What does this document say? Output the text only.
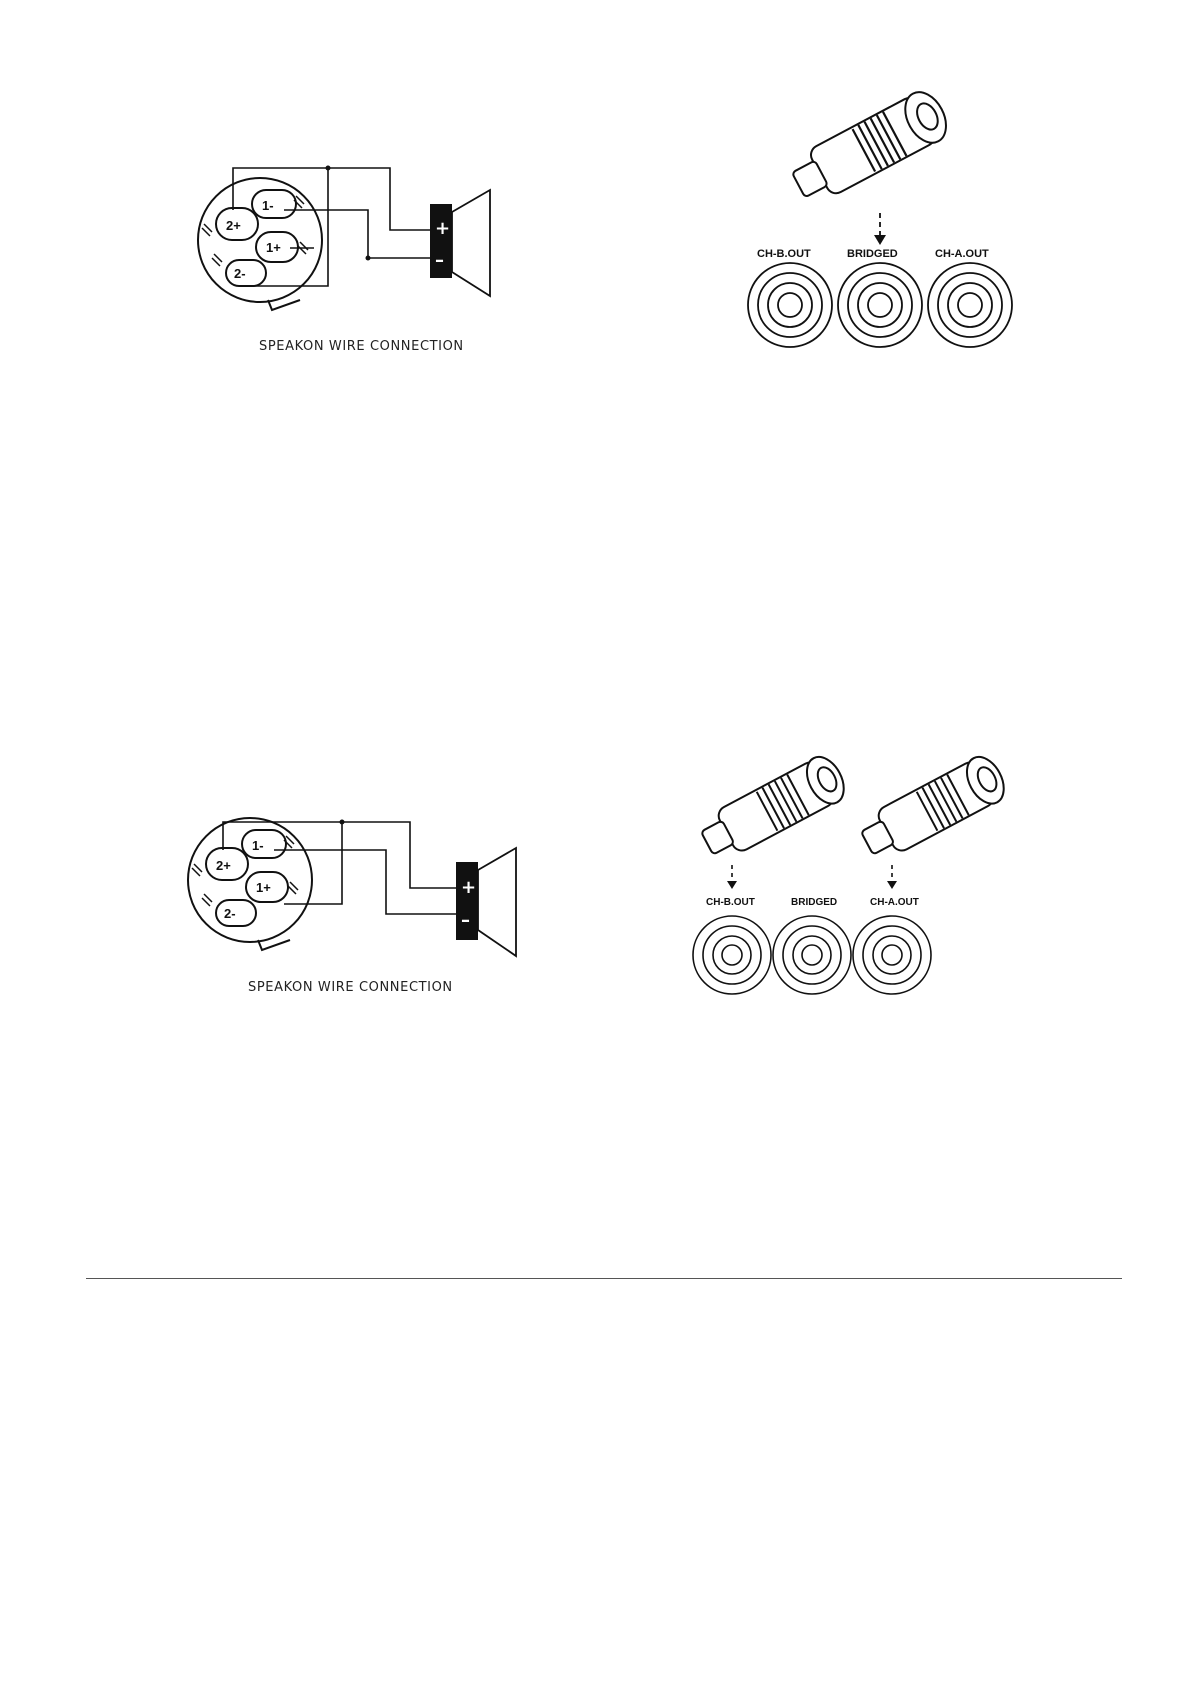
2+
1-
1+
2-
+
–
SPEAKON WIRE CONNECTION
CH-B.OUT	BRIDGED	CH-A.OUT
2+
1-
1+
2-
+
–
SPEAKON WIRE CONNECTION
CH-B.OUT	BRIDGED	CH-A.OUT
